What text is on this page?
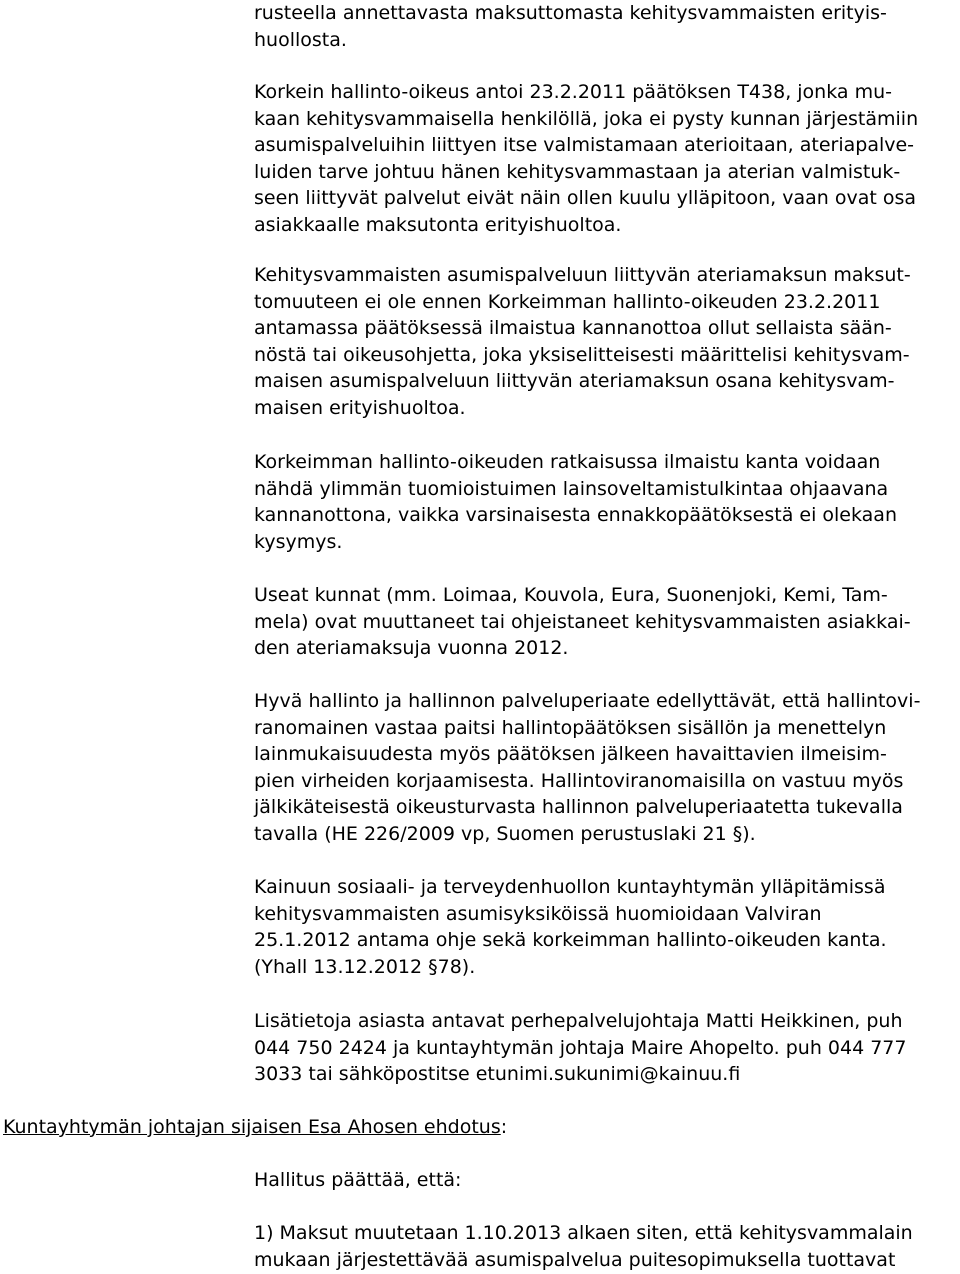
rusteella annettavasta maksuttomasta kehitysvammaisten erityis-
huollosta.
Korkein hallinto-oikeus antoi 23.2.2011 päätöksen T438, jonka mu-
kaan kehitysvammaisella henkilöllä, joka ei pysty kunnan järjestämiin
asumispalveluihin liittyen itse valmistamaan aterioitaan, ateriapalve-
luiden tarve johtuu hänen kehitysvammastaan ja aterian valmistuk-
seen liittyvät palvelut eivät näin ollen kuulu ylläpitoon, vaan ovat osa
asiakkaalle maksutonta erityishuoltoa.
Kehitysvammaisten asumispalveluun liittyvän ateriamaksun maksut-
tomuuteen ei ole ennen Korkeimman hallinto-oikeuden 23.2.2011
antamassa päätöksessä ilmaistua kannanottoa ollut sellaista sään-
nöstä tai oikeusohjetta, joka yksiselitteisesti määrittelisi kehitysvam-
maisen asumispalveluun liittyvän ateriamaksun osana kehitysvam-
maisen erityishuoltoa.
Korkeimman hallinto-oikeuden ratkaisussa ilmaistu kanta voidaan
nähdä ylimmän tuomioistuimen lainsoveltamistulkintaa ohjaavana
kannanottona, vaikka varsinaisesta ennakkopäätöksestä ei olekaan
kysymys.
Useat kunnat (mm. Loimaa, Kouvola, Eura, Suonenjoki, Kemi, Tam-
mela) ovat muuttaneet tai ohjeistaneet kehitysvammaisten asiakkai-
den ateriamaksuja vuonna 2012.
Hyvä hallinto ja hallinnon palveluperiaate edellyttävät, että hallintovi-
ranomainen vastaa paitsi hallintopäätöksen sisällön ja menettelyn
lainmukaisuudesta myös päätöksen jälkeen havaittavien ilmeisim-
pien virheiden korjaamisesta. Hallintoviranomaisilla on vastuu myös
jälkikäteisestä oikeusturvasta hallinnon palveluperiaatetta tukevalla
tavalla (HE 226/2009 vp, Suomen perustuslaki 21 §).
Kainuun sosiaali- ja terveydenhuollon kuntayhtymän ylläpitämissä
kehitysvammaisten asumisyksiköissä huomioidaan Valviran
25.1.2012 antama ohje sekä korkeimman hallinto-oikeuden kanta.
(Yhall 13.12.2012 §78).
Lisätietoja asiasta antavat perhepalvelujohtaja Matti Heikkinen, puh
044 750 2424 ja kuntayhtymän johtaja Maire Ahopelto. puh 044 777
3033 tai sähköpostitse etunimi.sukunimi@kainuu.fi
Kuntayhtymän johtajan sijaisen Esa Ahosen ehdotus:
Hallitus päättää, että:
1) Maksut muutetaan 1.10.2013 alkaen siten, että kehitysvammalain
mukaan järjestettävää asumispalvelua puitesopimuksella tuottavat
